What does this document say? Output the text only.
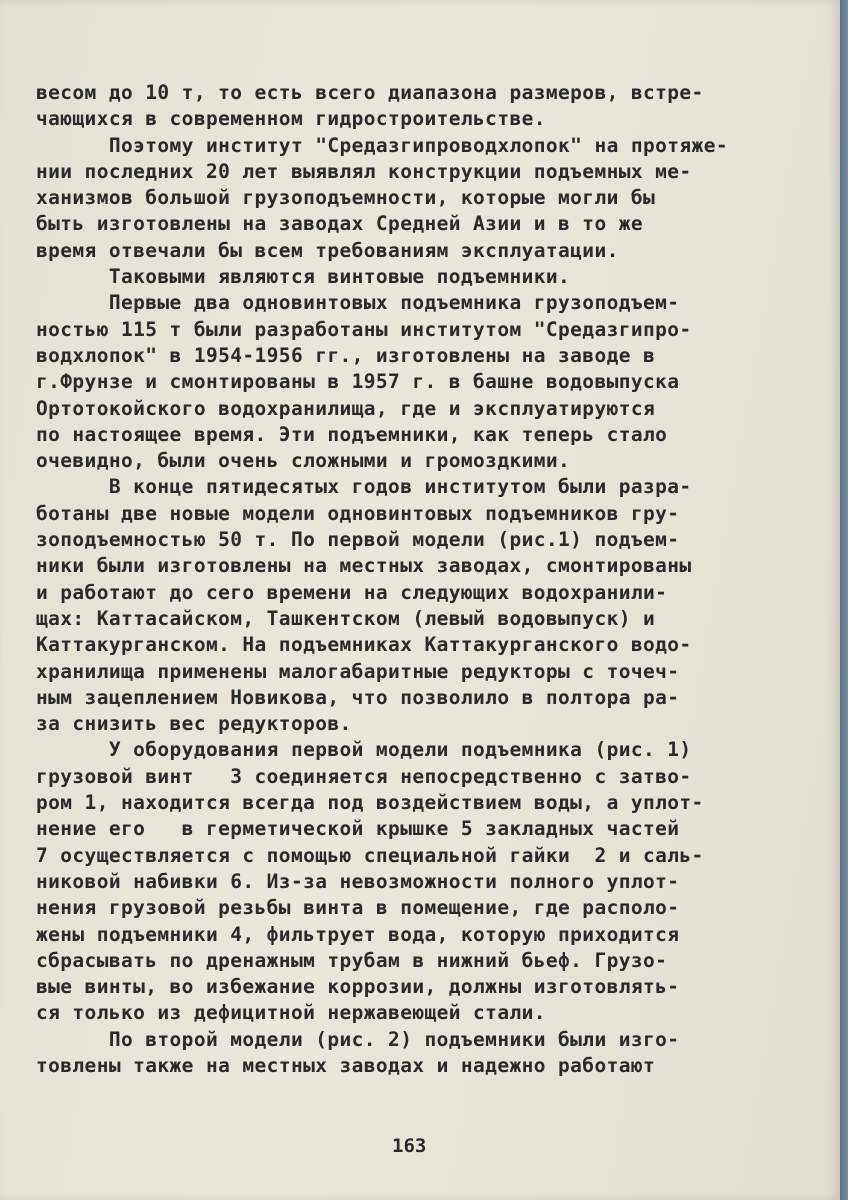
весом до 10 т, то есть всего диапазона размеров, встре-
чающихся в современном гидростроительстве.
Поэтому институт "Средазгипроводхлопок" на протяже-
нии последних 20 лет выявлял конструкции подъемных ме-
ханизмов большой грузоподъемности, которые могли бы
быть изготовлены на заводах Средней Азии и в то же
время отвечали бы всем требованиям эксплуатации.
Таковыми являются винтовые подъемники.
Первые два одновинтовых подъемника грузоподъем-
ностью 115 т были разработаны институтом "Средазгипро-
водхлопок" в 1954-1956 гг., изготовлены на заводе в
г.Фрунзе и смонтированы в 1957 г. в башне водовыпуска
Ортотокойского водохранилища, где и эксплуатируются
по настоящее время. Эти подъемники, как теперь стало
очевидно, были очень сложными и громоздкими.
В конце пятидесятых годов институтом были разра-
ботаны две новые модели одновинтовых подъемников гру-
зоподъемностью 50 т. По первой модели (рис.1) подъем-
ники были изготовлены на местных заводах, смонтированы
и работают до сего времени на следующих водохранили-
щах: Каттасайском, Ташкентском (левый водовыпуск) и
Каттакурганском. На подъемниках Каттакурганского водо-
хранилища применены малогабаритные редукторы с точеч-
ным зацеплением Новикова, что позволило в полтора ра-
за снизить вес редукторов.
У оборудования первой модели подъемника (рис. 1)
грузовой винт   3 соединяется непосредственно с затво-
ром 1, находится всегда под воздействием воды, а уплот-
нение его   в герметической крышке 5 закладных частей
7 осуществляется с помощью специальной гайки  2 и саль-
никовой набивки 6. Из-за невозможности полного уплот-
нения грузовой резьбы винта в помещение, где располо-
жены подъемники 4, фильтрует вода, которую приходится
сбрасывать по дренажным трубам в нижний бьеф. Грузо-
вые винты, во избежание коррозии, должны изготовлять-
ся только из дефицитной нержавеющей стали.
По второй модели (рис. 2) подъемники были изго-
товлены также на местных заводах и надежно работают
163
